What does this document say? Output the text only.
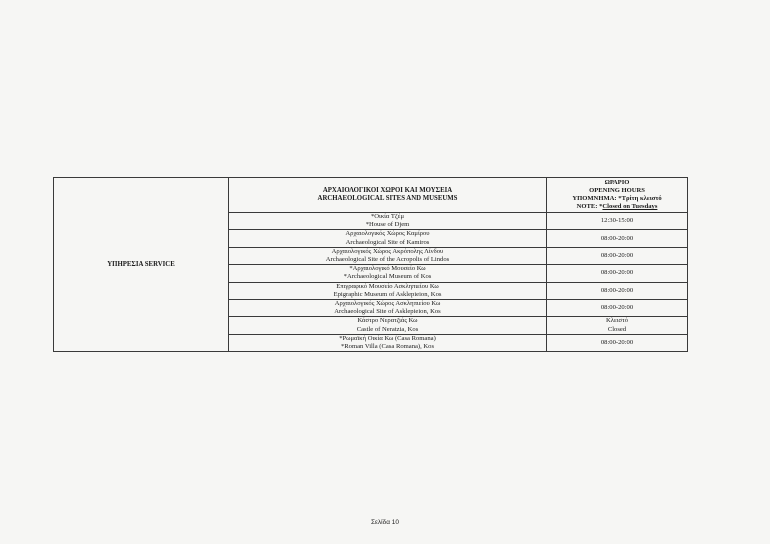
ΥΠΗΡΕΣΙΑ SERVICE	ΑΡΧΑΙΟΛΟΓΙΚΟΙ ΧΩΡΟΙ ΚΑΙ ΜΟΥΣΕΙΑ
ARCHAEOLOGICAL SITES AND MUSEUMS	ΩΡΑΡΙΟ
OPENING HOURS
ΥΠΟΜΝΗΜΑ: *Τρίτη κλειστό
NOTE: *Closed on Tuesdays

	*Οικία Τζέμ
*House of Djem	12:30-15:00

	Αρχαιολογικός Χώρος Καμίρου
Archaeological Site of Kamiros	08:00-20:00

	Αρχαιολογικός Χώρος Ακρόπολης Λίνδου
Archaeological Site of the Acropolis of Lindos	08:00-20:00

	*Αρχαιολογικό Μουσείο Κω
*Archaeological Museum of Kos	08:00-20:00

	Επιγραφικό Μουσείο Ασκληπιείου Κω
Epigraphic Museum of Asklepieion, Kos	08:00-20:00

	Αρχαιολογικός Χώρος Ασκληπιείου Κω
Archaeological Site of Asklepieion, Kos	08:00-20:00

	Κάστρο Νερατζιάς Κω
Castle of Neratzia, Kos	Κλειστό
Closed

	*Ρωμαϊκή Οικία Κω (Casa Romana)
*Roman Villa (Casa Romana), Kos	08:00-20:00
Σελίδα 10
